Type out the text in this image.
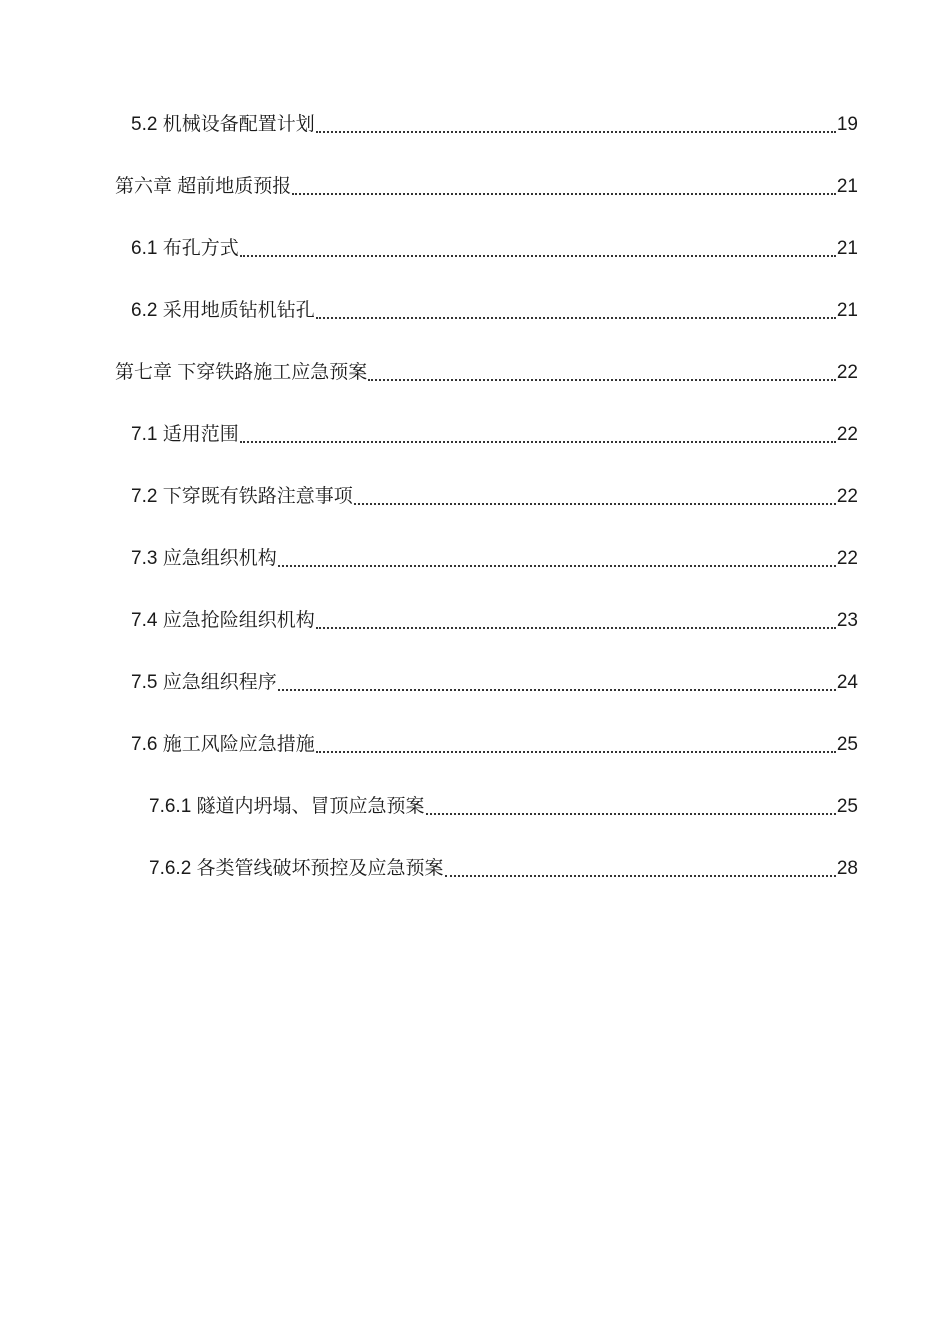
5.2 机械设备配置计划	19
第六章 超前地质预报	21
6.1 布孔方式	21
6.2 采用地质钻机钻孔	21
第七章 下穿铁路施工应急预案	22
7.1 适用范围	22
7.2 下穿既有铁路注意事项	22
7.3 应急组织机构	22
7.4 应急抢险组织机构	23
7.5 应急组织程序	24
7.6 施工风险应急措施	25
7.6.1 隧道内坍塌、冒顶应急预案	25
7.6.2 各类管线破坏预控及应急预案	28
